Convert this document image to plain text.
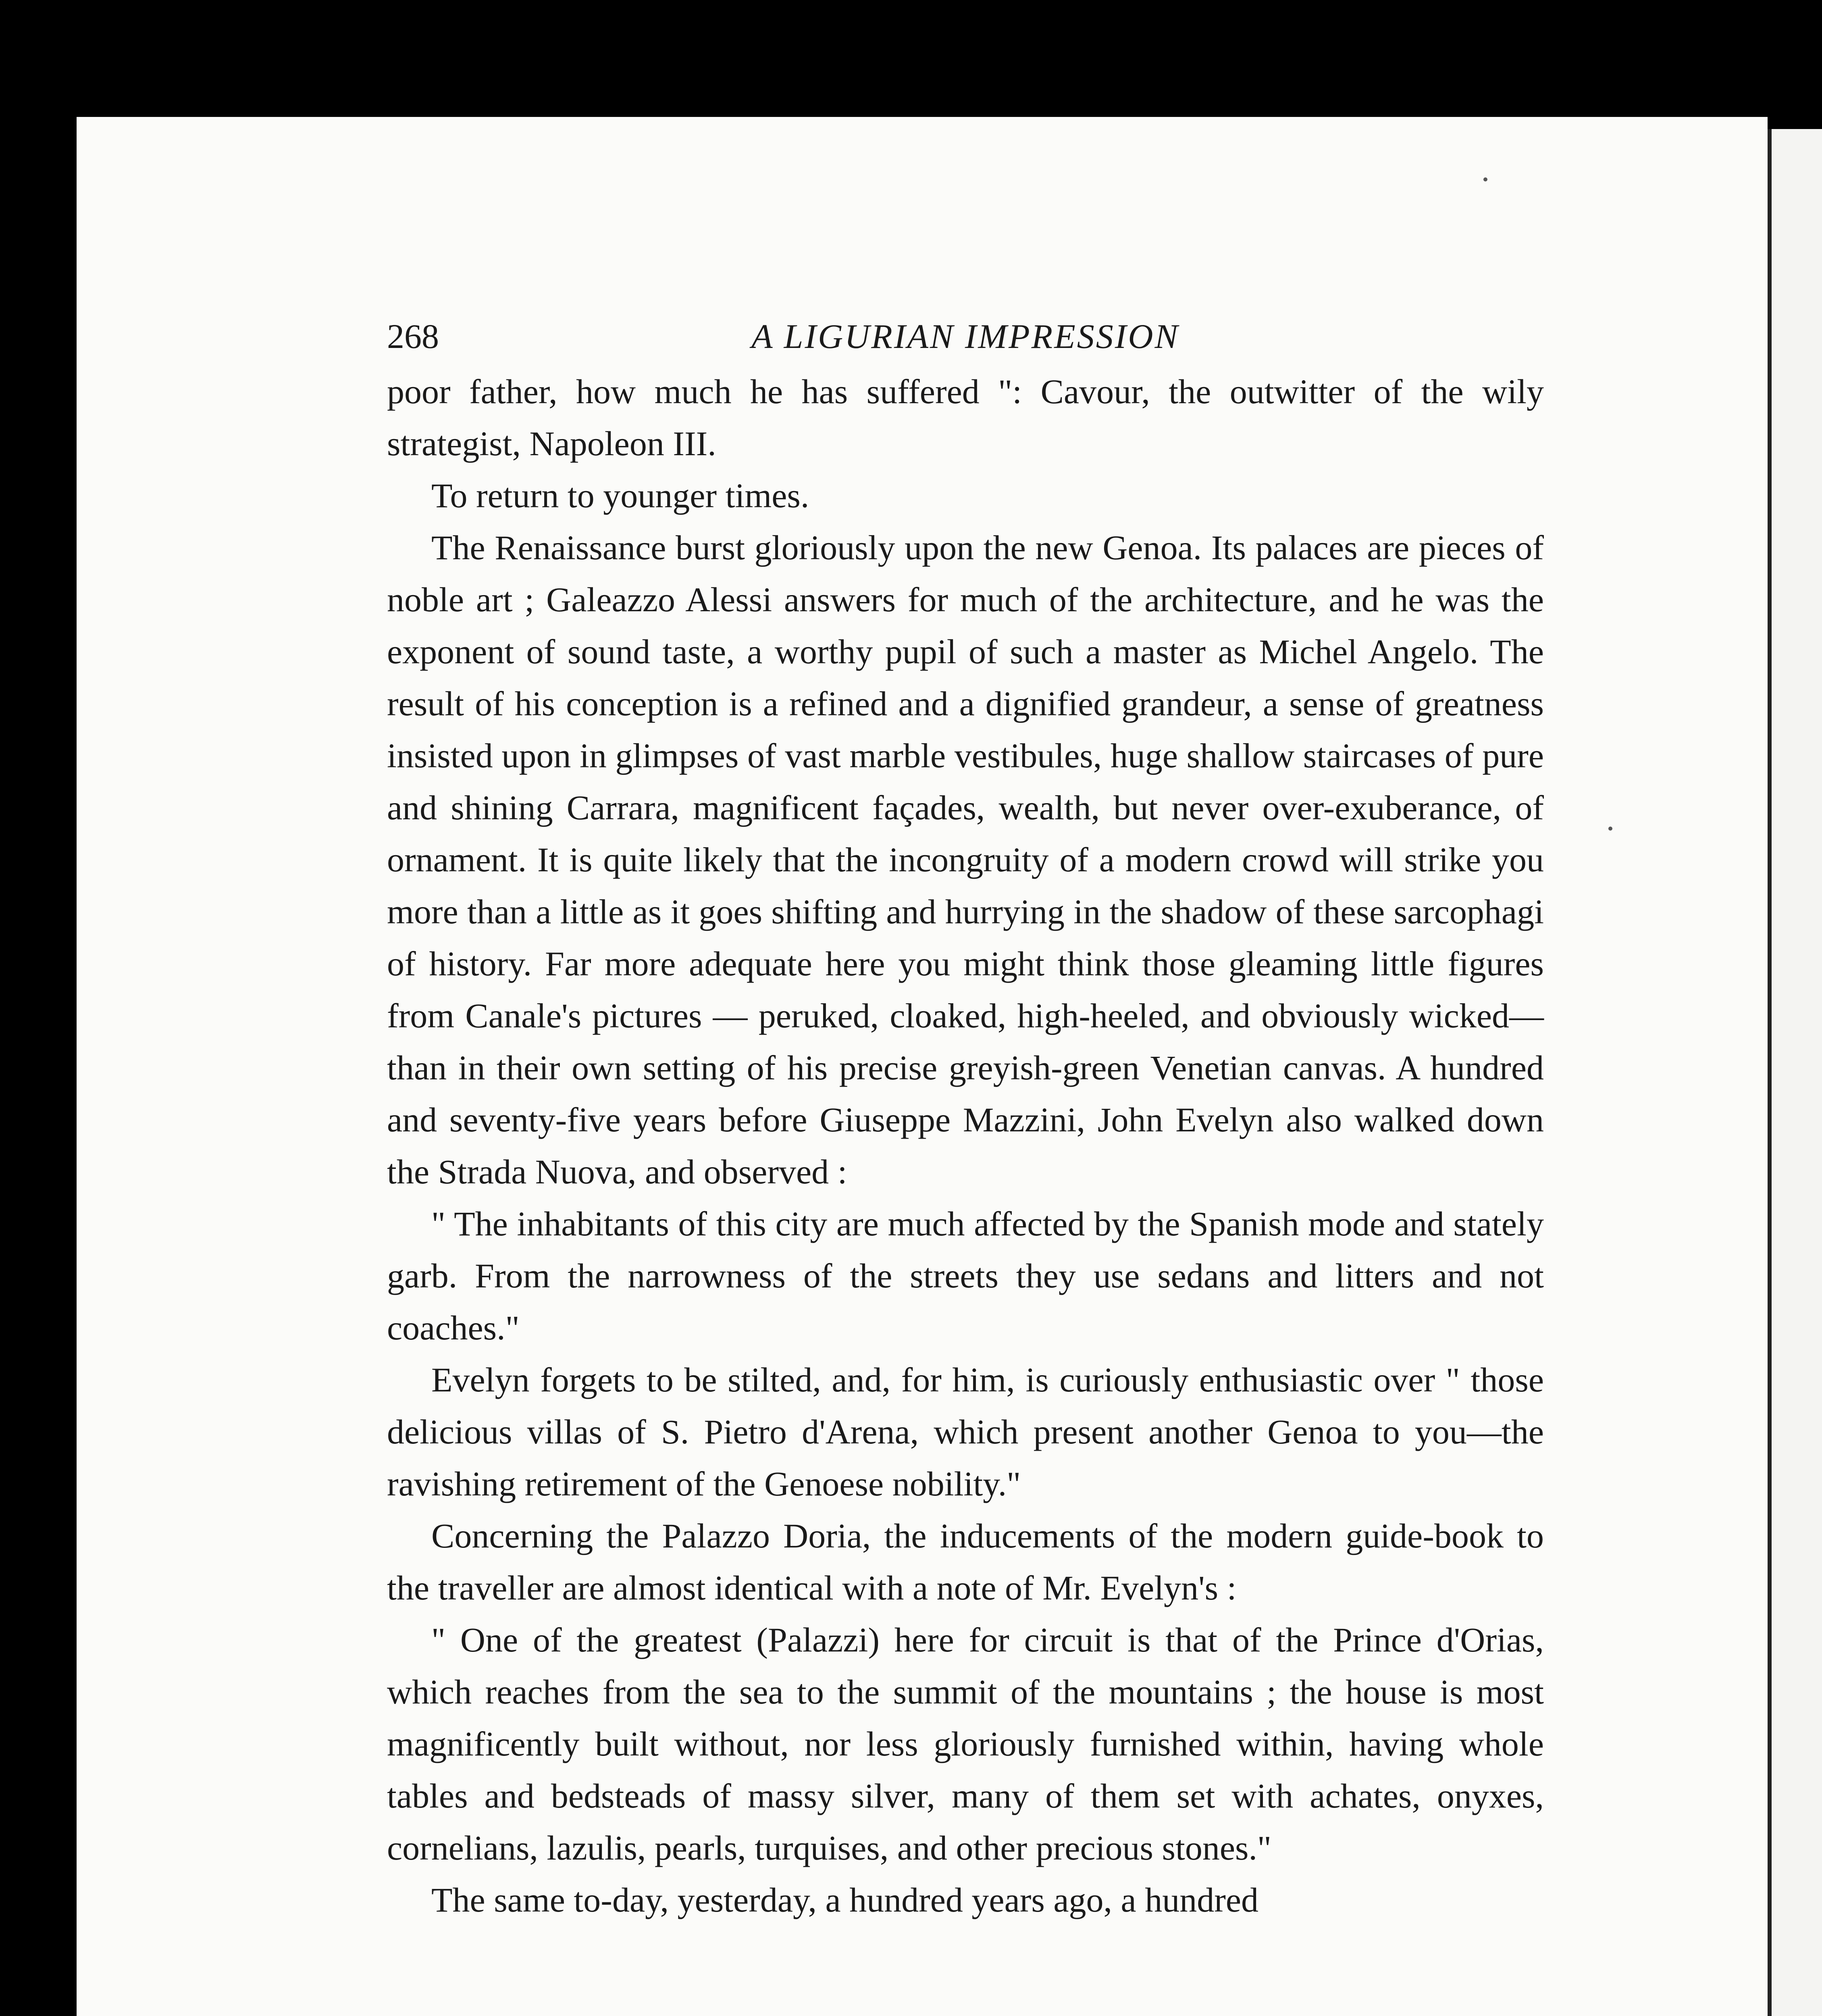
268	A LIGURIAN IMPRESSION

poor father, how much he has suffered ": Cavour, the outwitter of the wily strategist, Napoleon III.

To return to younger times.

The Renaissance burst gloriously upon the new Genoa. Its palaces are pieces of noble art ; Galeazzo Alessi answers for much of the architecture, and he was the exponent of sound taste, a worthy pupil of such a master as Michel Angelo. The result of his conception is a refined and a dignified grandeur, a sense of greatness insisted upon in glimpses of vast marble vestibules, huge shallow staircases of pure and shining Carrara, magnificent façades, wealth, but never over-exuberance, of ornament. It is quite likely that the incongruity of a modern crowd will strike you more than a little as it goes shifting and hurrying in the shadow of these sarcophagi of history. Far more adequate here you might think those gleaming little figures from Canale's pictures — peruked, cloaked, high-heeled, and obviously wicked—than in their own setting of his precise greyish-green Venetian canvas. A hundred and seventy-five years before Giuseppe Mazzini, John Evelyn also walked down the Strada Nuova, and observed :

" The inhabitants of this city are much affected by the Spanish mode and stately garb. From the narrowness of the streets they use sedans and litters and not coaches."

Evelyn forgets to be stilted, and, for him, is curiously enthusiastic over " those delicious villas of S. Pietro d'Arena, which present another Genoa to you—the ravishing retirement of the Genoese nobility."

Concerning the Palazzo Doria, the inducements of the modern guide-book to the traveller are almost identical with a note of Mr. Evelyn's :

" One of the greatest (Palazzi) here for circuit is that of the Prince d'Orias, which reaches from the sea to the summit of the mountains ; the house is most magnificently built without, nor less gloriously furnished within, having whole tables and bedsteads of massy silver, many of them set with achates, onyxes, cornelians, lazulis, pearls, turquises, and other precious stones."

The same to-day, yesterday, a hundred years ago, a hundred
